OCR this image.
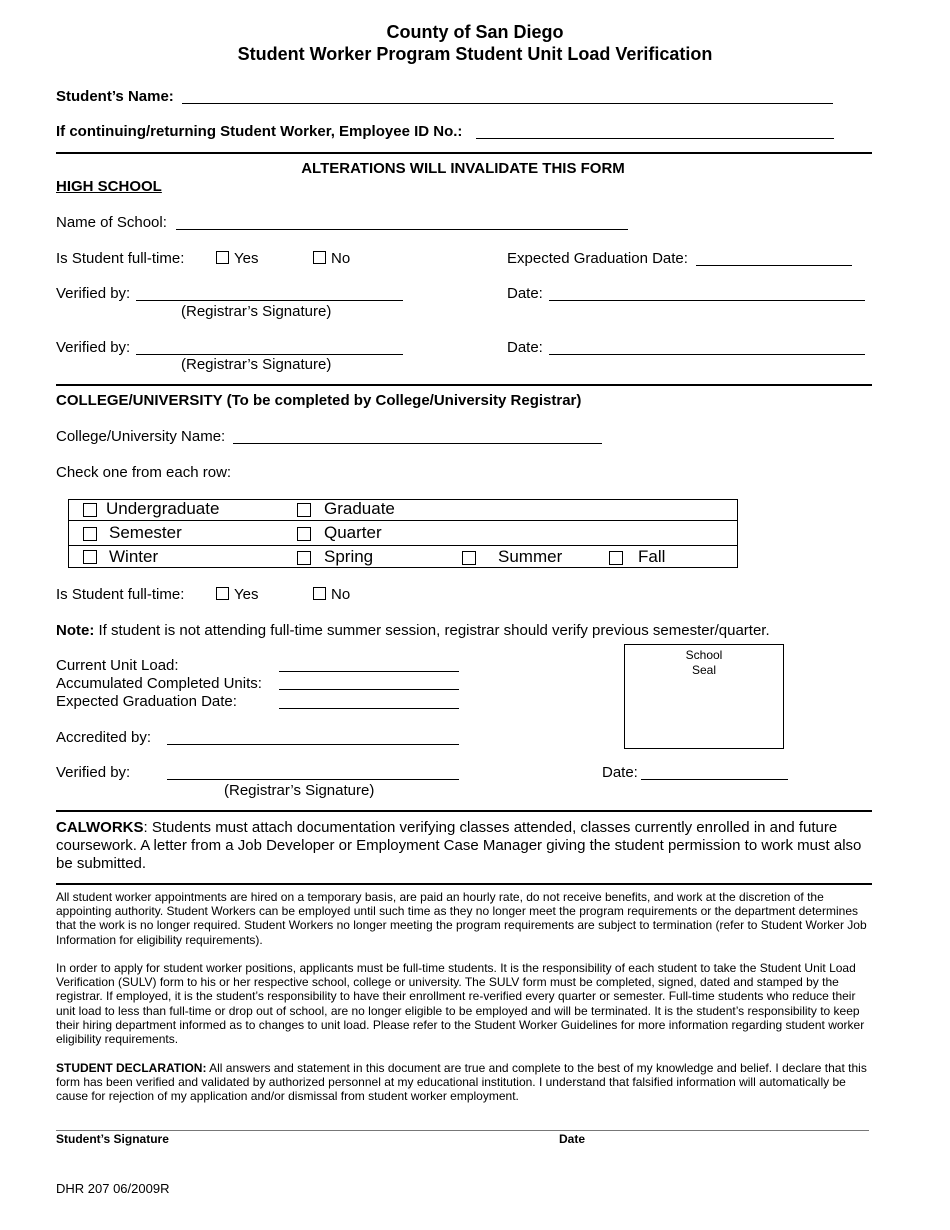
County of San Diego
Student Worker Program Student Unit Load Verification
Student’s Name:
If continuing/returning Student Worker, Employee ID No.:
ALTERATIONS WILL INVALIDATE THIS FORM
HIGH SCHOOL
Name of School:
Is Student full-time:	Yes	No	Expected Graduation Date:
Verified by:
(Registrar’s Signature)
Date:
Verified by:
(Registrar’s Signature)
Date:
COLLEGE/UNIVERSITY (To be completed by College/University Registrar)
College/University Name:
Check one from each row:
Undergraduate	Graduate
Semester	Quarter
Winter	Spring	Summer	Fall
Is Student full-time:	Yes	No
Note: If student is not attending full-time summer session, registrar should verify previous semester/quarter.
Current Unit Load:
Accumulated Completed Units:
Expected Graduation Date:
School
Seal
Accredited by:
Verified by:
(Registrar’s Signature)
Date:
CALWORKS: Students must attach documentation verifying classes attended, classes currently enrolled in and future coursework. A letter from a Job Developer or Employment Case Manager giving the student permission to work must also be submitted.
All student worker appointments are hired on a temporary basis, are paid an hourly rate, do not receive benefits, and work at the discretion of the appointing authority. Student Workers can be employed until such time as they no longer meet the program requirements or the department determines that the work is no longer required. Student Workers no longer meeting the program requirements are subject to termination (refer to Student Worker Job Information for eligibility requirements).
In order to apply for student worker positions, applicants must be full-time students. It is the responsibility of each student to take the Student Unit Load Verification (SULV) form to his or her respective school, college or university. The SULV form must be completed, signed, dated and stamped by the registrar. If employed, it is the student’s responsibility to have their enrollment re-verified every quarter or semester. Full-time students who reduce their unit load to less than full-time or drop out of school, are no longer eligible to be employed and will be terminated. It is the student’s responsibility to keep their hiring department informed as to changes to unit load. Please refer to the Student Worker Guidelines for more information regarding student worker eligibility requirements.
STUDENT DECLARATION: All answers and statement in this document are true and complete to the best of my knowledge and belief. I declare that this form has been verified and validated by authorized personnel at my educational institution. I understand that falsified information will automatically be cause for rejection of my application and/or dismissal from student worker employment.
Student’s Signature	Date
DHR 207 06/2009R
